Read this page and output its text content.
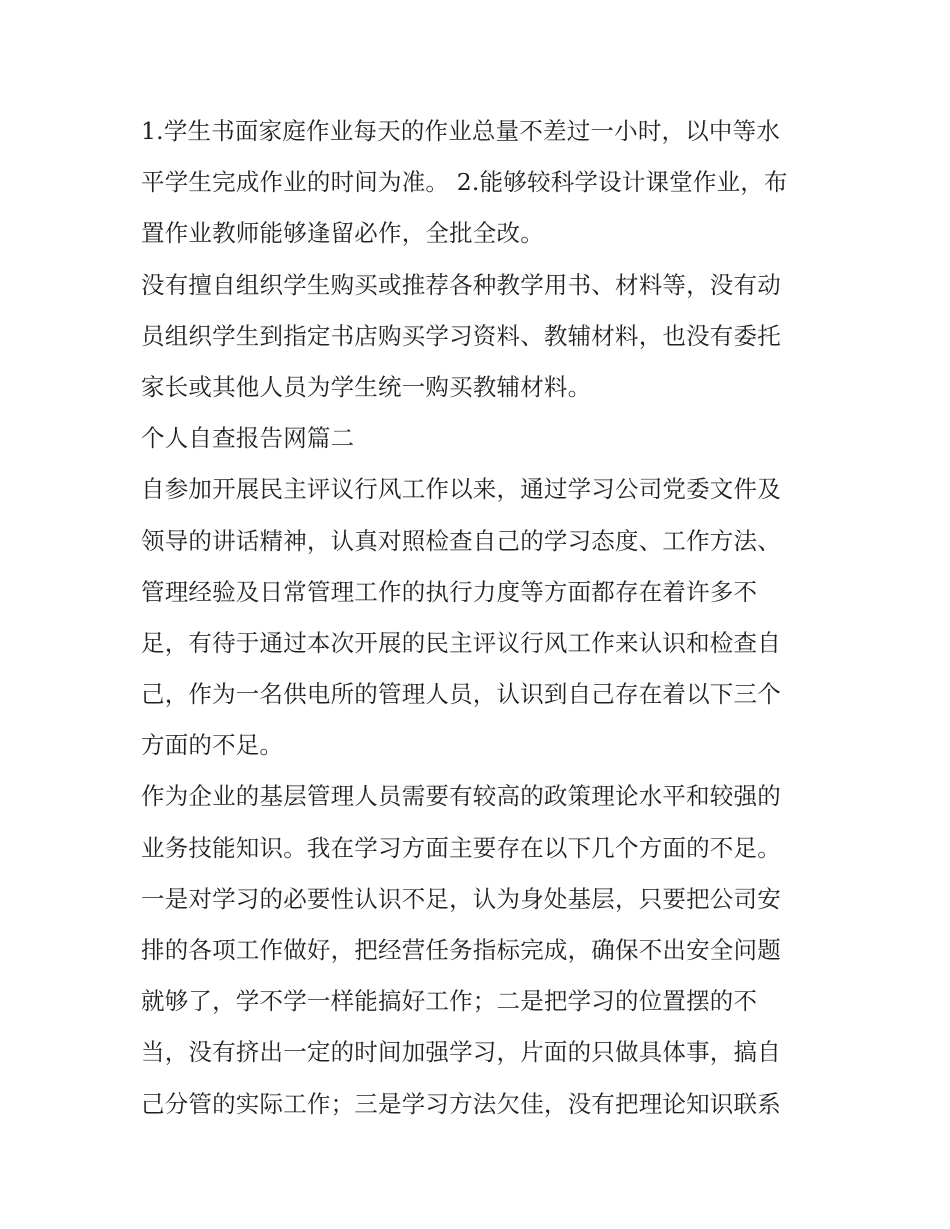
1.学生书面家庭作业每天的作业总量不差过一小时，以中等水
平学生完成作业的时间为准。 2.能够较科学设计课堂作业，布
置作业教师能够逢留必作，全批全改。
没有擅自组织学生购买或推荐各种教学用书、材料等，没有动
员组织学生到指定书店购买学习资料、教辅材料，也没有委托
家长或其他人员为学生统一购买教辅材料。
个人自查报告网篇二
自参加开展民主评议行风工作以来，通过学习公司党委文件及
领导的讲话精神，认真对照检查自己的学习态度、工作方法、
管理经验及日常管理工作的执行力度等方面都存在着许多不
足，有待于通过本次开展的民主评议行风工作来认识和检查自
己，作为一名供电所的管理人员，认识到自己存在着以下三个
方面的不足。
作为企业的基层管理人员需要有较高的政策理论水平和较强的
业务技能知识。我在学习方面主要存在以下几个方面的不足。
一是对学习的必要性认识不足，认为身处基层，只要把公司安
排的各项工作做好，把经营任务指标完成，确保不出安全问题
就够了，学不学一样能搞好工作；二是把学习的位置摆的不
当，没有挤出一定的时间加强学习，片面的只做具体事，搞自
己分管的实际工作；三是学习方法欠佳，没有把理论知识联系
